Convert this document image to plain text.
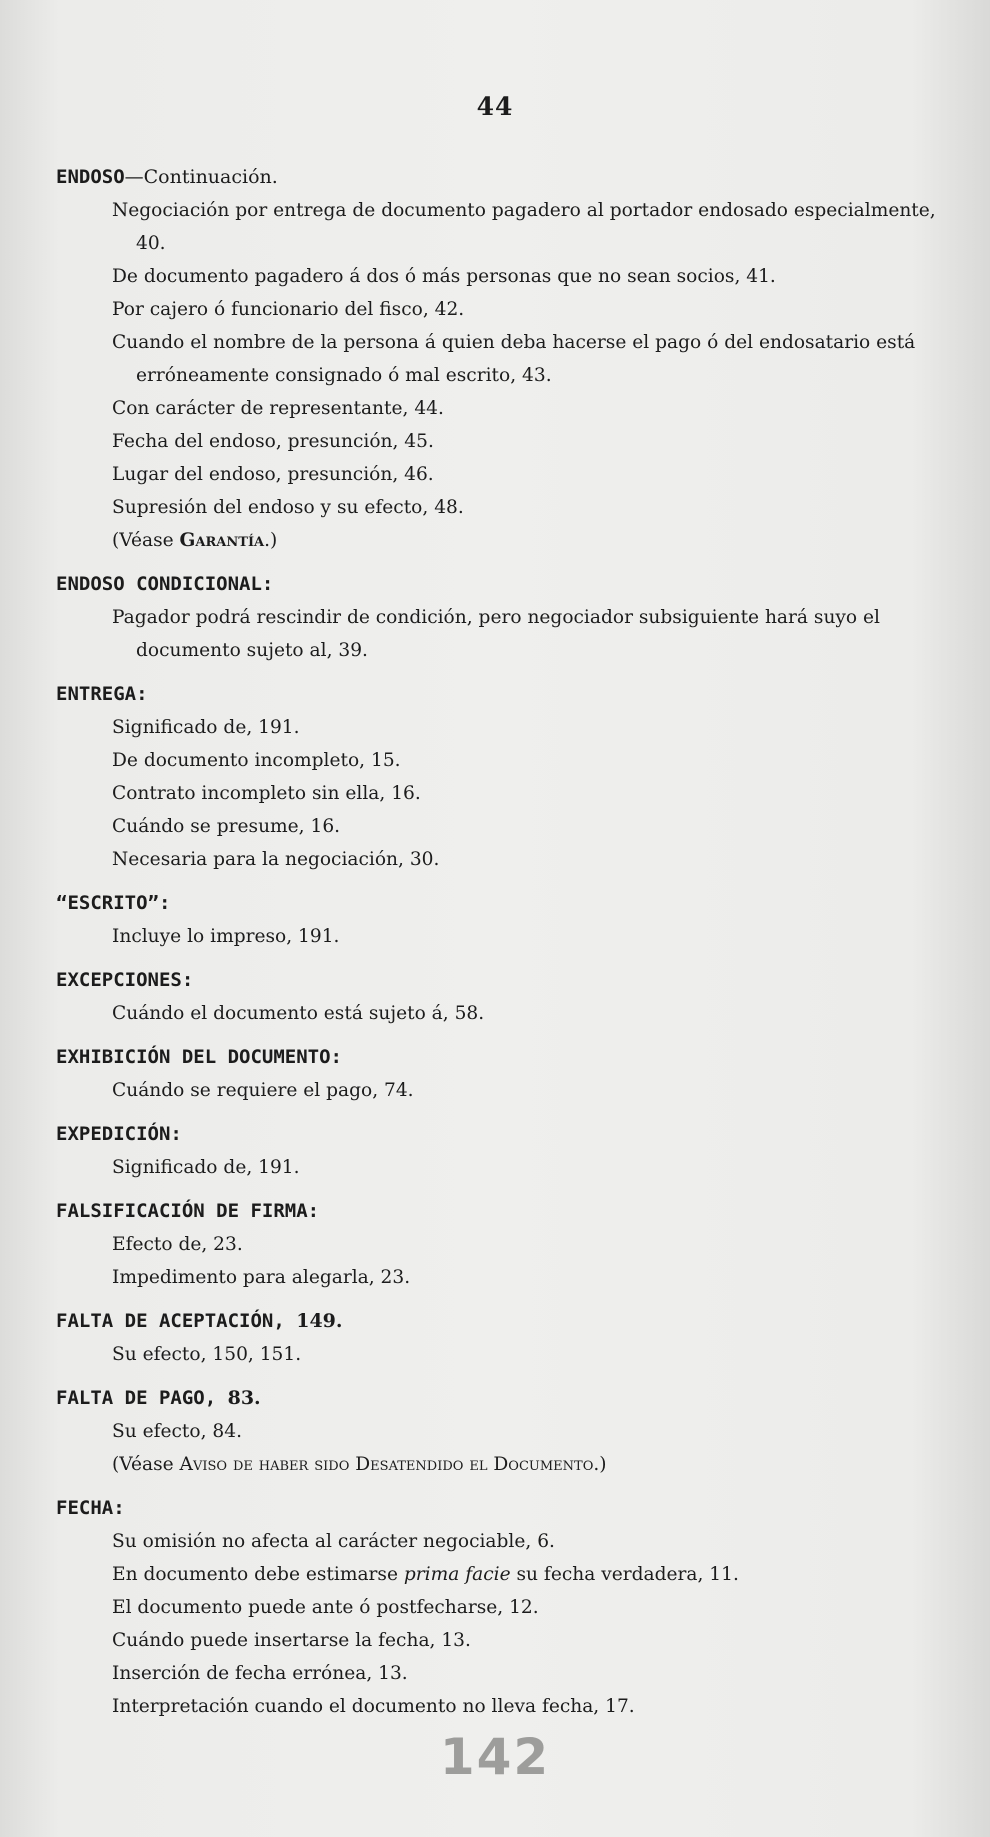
44
ENDOSO—Continuación.
Negociación por entrega de documento pagadero al portador endosado especialmente, 40.
De documento pagadero á dos ó más personas que no sean socios, 41.
Por cajero ó funcionario del fisco, 42.
Cuando el nombre de la persona á quien deba hacerse el pago ó del endosatario está erróneamente consignado ó mal escrito, 43.
Con carácter de representante, 44.
Fecha del endoso, presunción, 45.
Lugar del endoso, presunción, 46.
Supresión del endoso y su efecto, 48.
(Véase Garantía.)
ENDOSO CONDICIONAL:
Pagador podrá rescindir de condición, pero negociador subsiguiente hará suyo el documento sujeto al, 39.
ENTREGA:
Significado de, 191.
De documento incompleto, 15.
Contrato incompleto sin ella, 16.
Cuándo se presume, 16.
Necesaria para la negociación, 30.
“ESCRITO”:
Incluye lo impreso, 191.
EXCEPCIONES:
Cuándo el documento está sujeto á, 58.
EXHIBICIÓN DEL DOCUMENTO:
Cuándo se requiere el pago, 74.
EXPEDICIÓN:
Significado de, 191.
FALSIFICACIÓN DE FIRMA:
Efecto de, 23.
Impedimento para alegarla, 23.
FALTA DE ACEPTACIÓN, 149.
Su efecto, 150, 151.
FALTA DE PAGO, 83.
Su efecto, 84.
(Véase Aviso de haber sido Desatendido el Documento.)
FECHA:
Su omisión no afecta al carácter negociable, 6.
En documento debe estimarse prima facie su fecha verdadera, 11.
El documento puede ante ó postfecharse, 12.
Cuándo puede insertarse la fecha, 13.
Inserción de fecha errónea, 13.
Interpretación cuando el documento no lleva fecha, 17.
142
